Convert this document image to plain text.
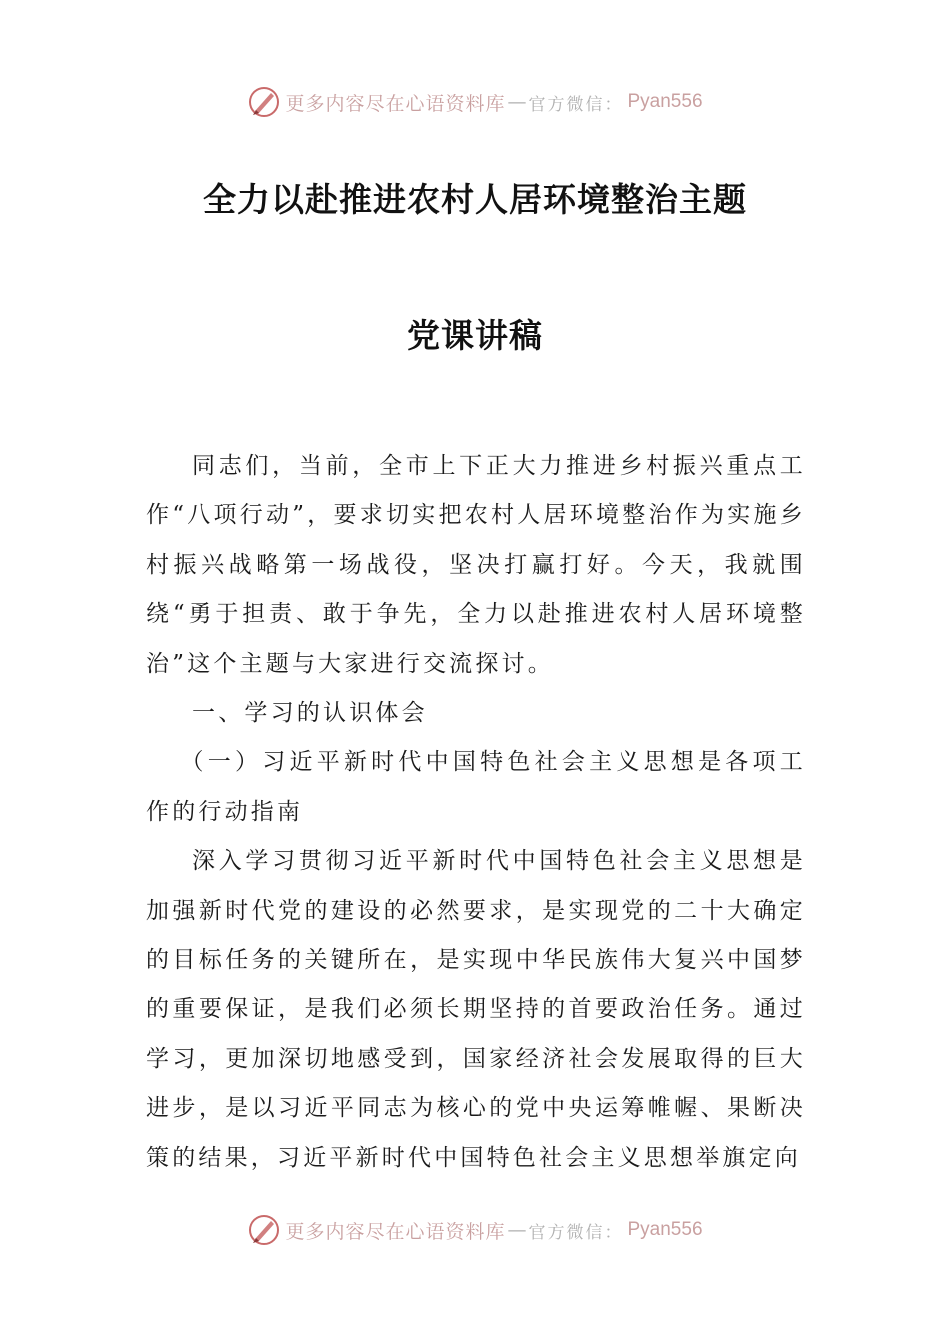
更多内容尽在心语资料库 — 官方微信： Pyan556
全力以赴推进农村人居环境整治主题
党课讲稿

同志们，当前，全市上下正大力推进乡村振兴重点工作“八项行动”，要求切实把农村人居环境整治作为实施乡村振兴战略第一场战役，坚决打赢打好。今天，我就围绕“勇于担责、敢于争先，全力以赴推进农村人居环境整治”这个主题与大家进行交流探讨。

一、学习的认识体会

（一）习近平新时代中国特色社会主义思想是各项工作的行动指南

深入学习贯彻习近平新时代中国特色社会主义思想是加强新时代党的建设的必然要求，是实现党的二十大确定的目标任务的关键所在，是实现中华民族伟大复兴中国梦的重要保证，是我们必须长期坚持的首要政治任务。通过学习，更加深切地感受到，国家经济社会发展取得的巨大进步，是以习近平同志为核心的党中央运筹帷幄、果断决策的结果，习近平新时代中国特色社会主义思想举旗定向

更多内容尽在心语资料库 — 官方微信： Pyan556
